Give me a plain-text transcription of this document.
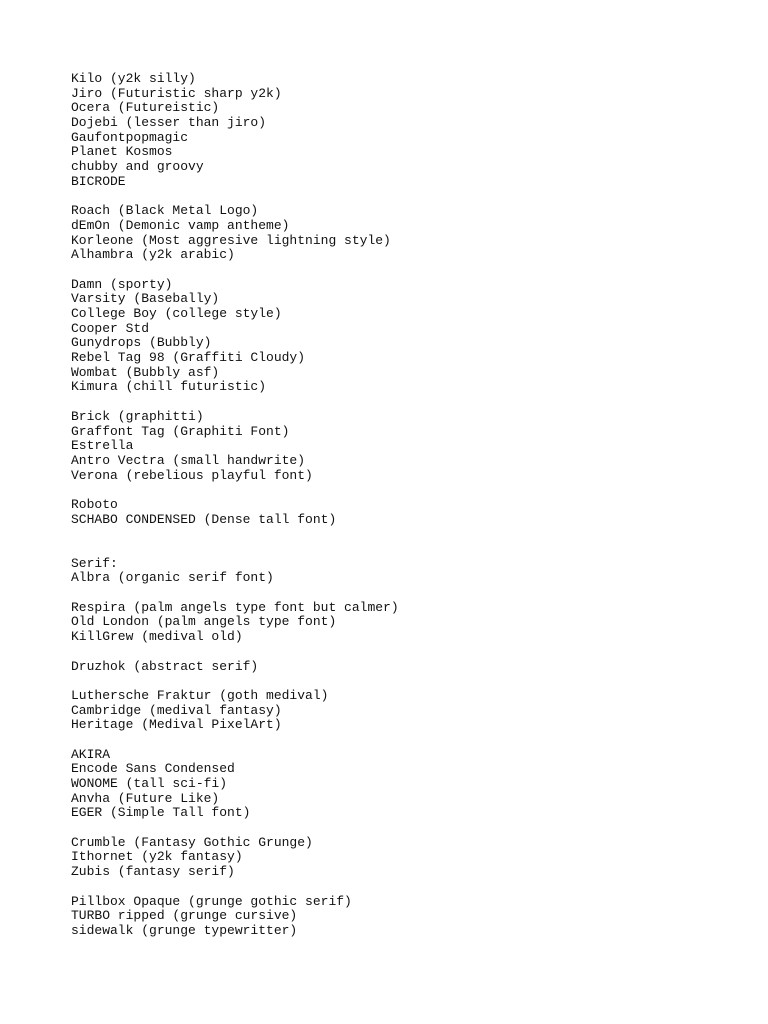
Kilo (y2k silly)
Jiro (Futuristic sharp y2k)
Ocera (Futureistic)
Dojebi (lesser than jiro)
Gaufontpopmagic
Planet Kosmos
chubby and groovy
BICRODE
Roach (Black Metal Logo)
dEmOn (Demonic vamp antheme)
Korleone (Most aggresive lightning style)
Alhambra (y2k arabic)
Damn (sporty)
Varsity (Basebally)
College Boy (college style)
Cooper Std
Gunydrops (Bubbly)
Rebel Tag 98 (Graffiti Cloudy)
Wombat (Bubbly asf)
Kimura (chill futuristic)
Brick (graphitti)
Graffont Tag (Graphiti Font)
Estrella
Antro Vectra (small handwrite)
Verona (rebelious playful font)
Roboto
SCHABO CONDENSED (Dense tall font)
Serif:
Albra (organic serif font)
Respira (palm angels type font but calmer)
Old London (palm angels type font)
KillGrew (medival old)
Druzhok (abstract serif)
Luthersche Fraktur (goth medival)
Cambridge (medival fantasy)
Heritage (Medival PixelArt)
AKIRA
Encode Sans Condensed
WONOME (tall sci-fi)
Anvha (Future Like)
EGER (Simple Tall font)
Crumble (Fantasy Gothic Grunge)
Ithornet (y2k fantasy)
Zubis (fantasy serif)
Pillbox Opaque (grunge gothic serif)
TURBO ripped (grunge cursive)
sidewalk (grunge typewritter)
